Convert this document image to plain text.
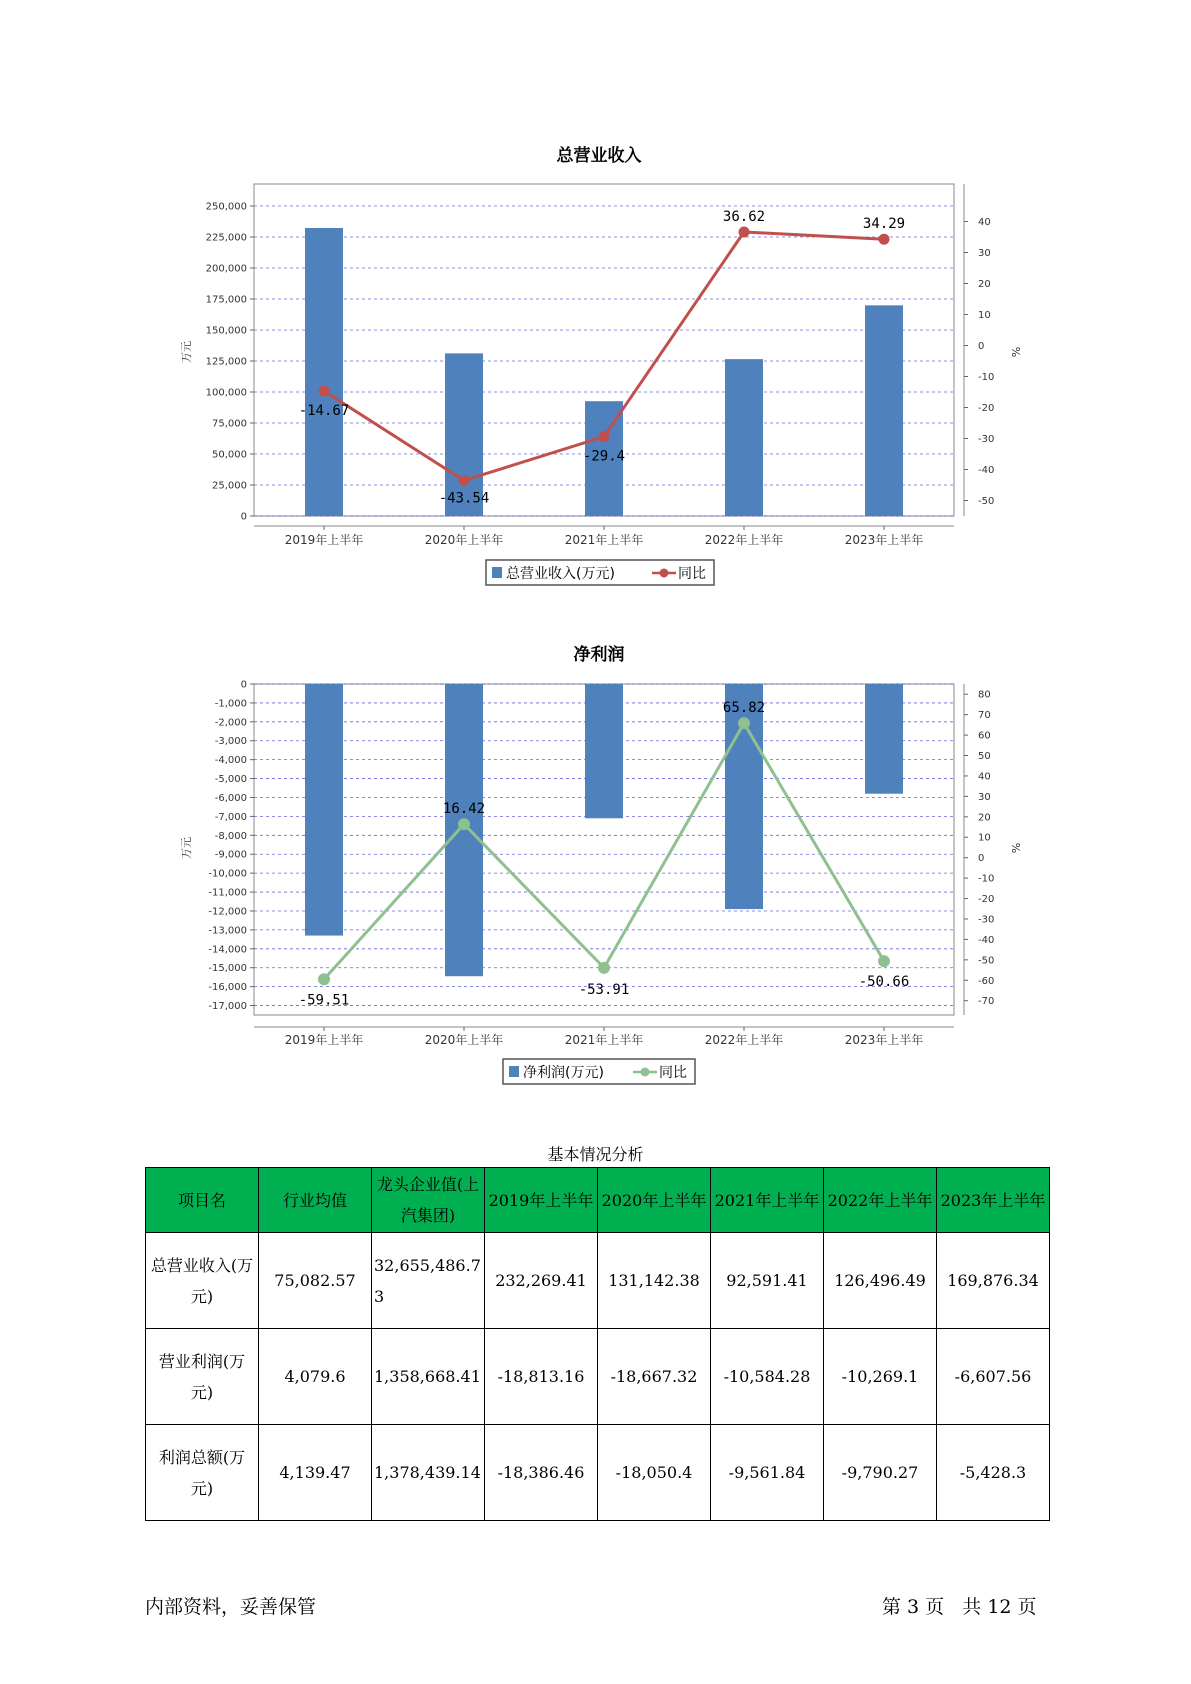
总营业收入
250,000
225,000
200,000
175,000
150,000
125,000
100,000
75,000
50,000
25,000
0
40
30
20
10
0
-10
-20
-30
-40
-50
2019年上半年	2020年上半年	2021年上半年	2022年上半年	2023年上半年
-14.67
-43.54
-29.4
36.62	34.29
万元	%
总营业收入(万元)	同比
净利润
0
-1,000
-2,000
-3,000
-4,000
-5,000
-6,000
-7,000
-8,000
-9,000
-10,000
-11,000
-12,000
-13,000
-14,000
-15,000
-16,000
-17,000
80
70
60
50
40
30
20
10
0
-10
-20
-30
-40
-50
-60
-70
2019年上半年	2020年上半年	2021年上半年	2022年上半年	2023年上半年
-59.51
16.42
-53.91
65.82
-50.66
万元	%
净利润(万元)	同比
基本情况分析
项目名	行业均值	龙头企业值(上汽集团)	2019年上半年	2020年上半年	2021年上半年	2022年上半年	2023年上半年
总营业收入(万元)	75,082.57	32,655,486.73	232,269.41	131,142.38	92,591.41	126,496.49	169,876.34
营业利润(万元)	4,079.6	1,358,668.41	-18,813.16	-18,667.32	-10,584.28	-10,269.1	-6,607.56
利润总额(万元)	4,139.47	1,378,439.14	-18,386.46	-18,050.4	-9,561.84	-9,790.27	-5,428.3
内部资料，妥善保管	第 3 页   共 12 页
